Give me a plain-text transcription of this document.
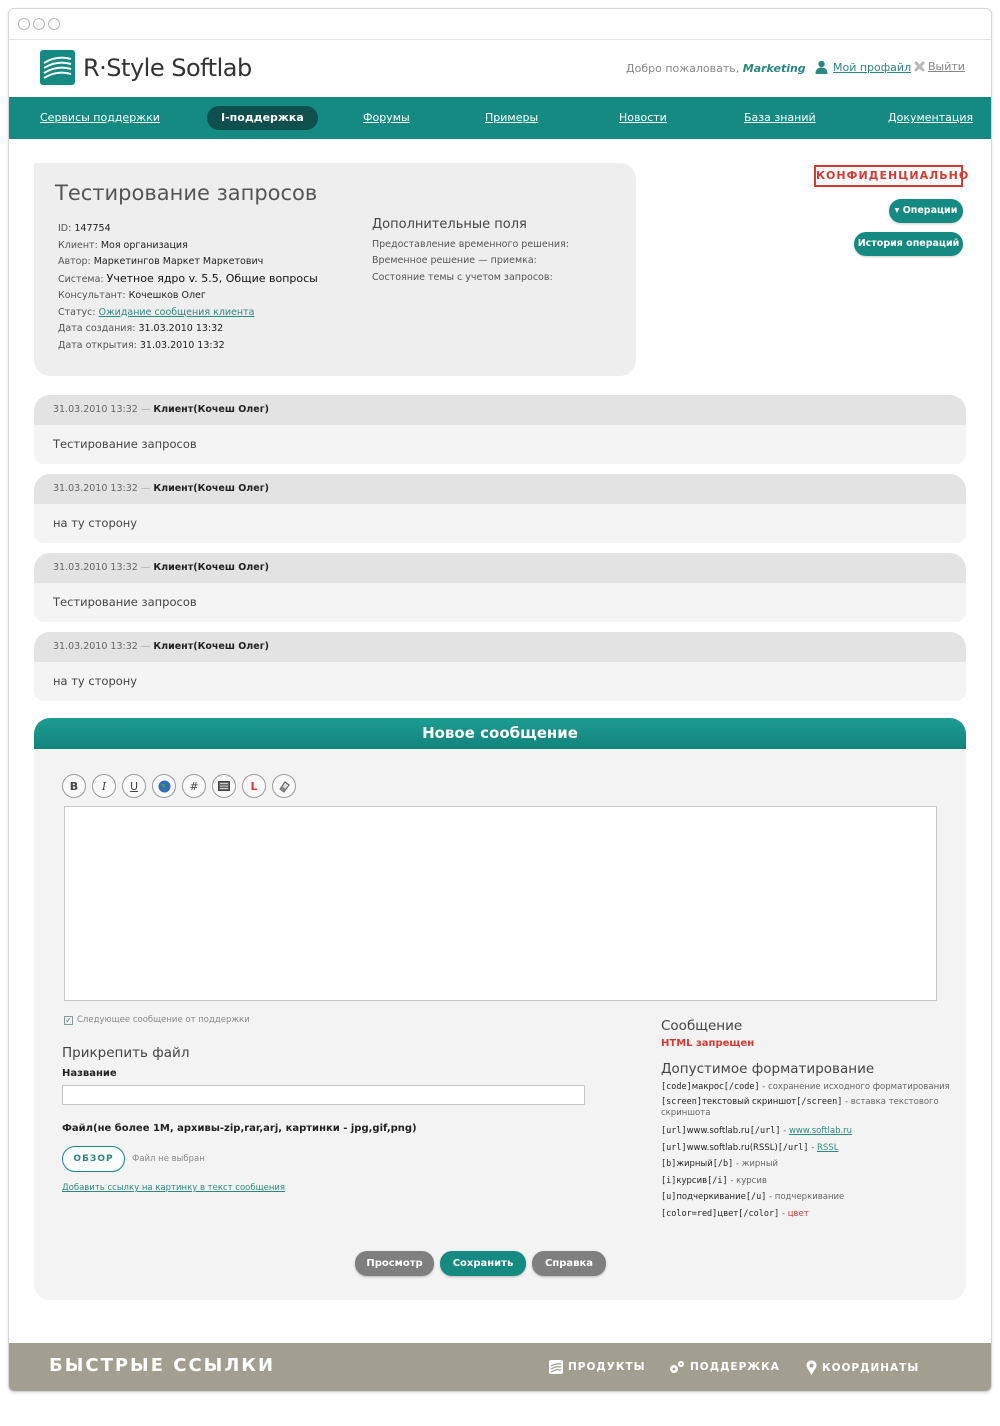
R·Style Softlab	Добро пожаловать, Marketing Мой профайл Выйти
Сервисы поддержки	I-поддержка	Форумы	Примеры	Новости	База знаний	Документация
Тестирование запросов
ID: 147754
Клиент: Моя организация
Автор: Маркетингов Маркет Маркетович
Система: Учетное ядро v. 5.5, Общие вопросы
Консультант: Кочешков Олег
Статус: Ожидание сообщения клиента
Дата создания: 31.03.2010 13:32
Дата открытия: 31.03.2010 13:32
Дополнительные поля
Предоставление временного решения:
Временное решение — приемка:
Состояние темы с учетом запросов:
КОНФИДЕНЦИАЛЬНО
▾ Операции
История операций
31.03.2010 13:32 — Клиент(Кочеш Олег)
Тестирование запросов
31.03.2010 13:32 — Клиент(Кочеш Олег)
на ту сторону
31.03.2010 13:32 — Клиент(Кочеш Олег)
Тестирование запросов
31.03.2010 13:32 — Клиент(Кочеш Олег)
на ту сторону
Новое сообщение
B	I	U	#	L
✓ Следующее сообщение от поддержки
Прикрепить файл
Название
Файл(не более 1М, архивы-zip,rar,arj, картинки - jpg,gif,png)
ОБЗОР	Файл не выбран
Добавить ссылку на картинку в текст сообщения
Сообщение
HTML запрещен
Допустимое форматирование
[code]макрос[/code] - сохранение исходного форматирования
[screen]текстовый скриншот[/screen] - вставка текстового скриншота
[url]www.softlab.ru[/url] - www.softlab.ru
[url]www.softlab.ru(RSSL)[/url] - RSSL
[b]жирный[/b] - жирный
[i]курсив[/i] - курсив
[u]подчеркивание[/u] - подчеркивание
[color=red]цвет[/color] - цвет
Просмотр	Сохранить	Справка
БЫСТРЫЕ ССЫЛКИ	ПРОДУКТЫ	ПОДДЕРЖКА	КООРДИНАТЫ
